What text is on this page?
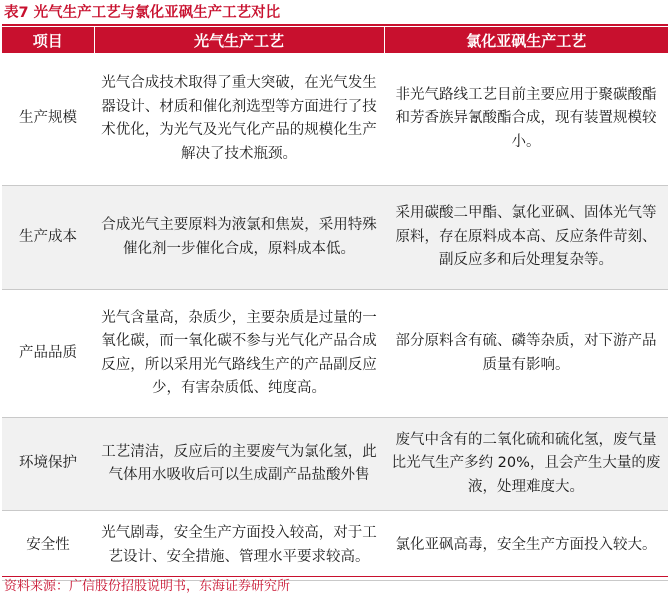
表7 光气生产工艺与氯化亚砜生产工艺对比
项目	光气生产工艺	氯化亚砜生产工艺
生产规模	光气合成技术取得了重大突破，在光气发生器设计、材质和催化剂选型等方面进行了技术优化，为光气及光气化产品的规模化生产解决了技术瓶颈。	非光气路线工艺目前主要应用于聚碳酸酯和芳香族异氰酸酯合成，现有装置规模较小。
生产成本	合成光气主要原料为液氯和焦炭，采用特殊催化剂一步催化合成，原料成本低。	采用碳酸二甲酯、氯化亚砜、固体光气等原料，存在原料成本高、反应条件苛刻、副反应多和后处理复杂等。
产品品质	光气含量高，杂质少，主要杂质是过量的一氧化碳，而一氧化碳不参与光气化产品合成反应，所以采用光气路线生产的产品副反应少，有害杂质低、纯度高。	部分原料含有硫、磷等杂质，对下游产品质量有影响。
环境保护	工艺清洁，反应后的主要废气为氯化氢，此气体用水吸收后可以生成副产品盐酸外售	废气中含有的二氧化硫和硫化氢，废气量比光气生产多约 20%，且会产生大量的废液，处理难度大。
安全性	光气剧毒，安全生产方面投入较高，对于工艺设计、安全措施、管理水平要求较高。	氯化亚砜高毒，安全生产方面投入较大。
资料来源：广信股份招股说明书，东海证券研究所
